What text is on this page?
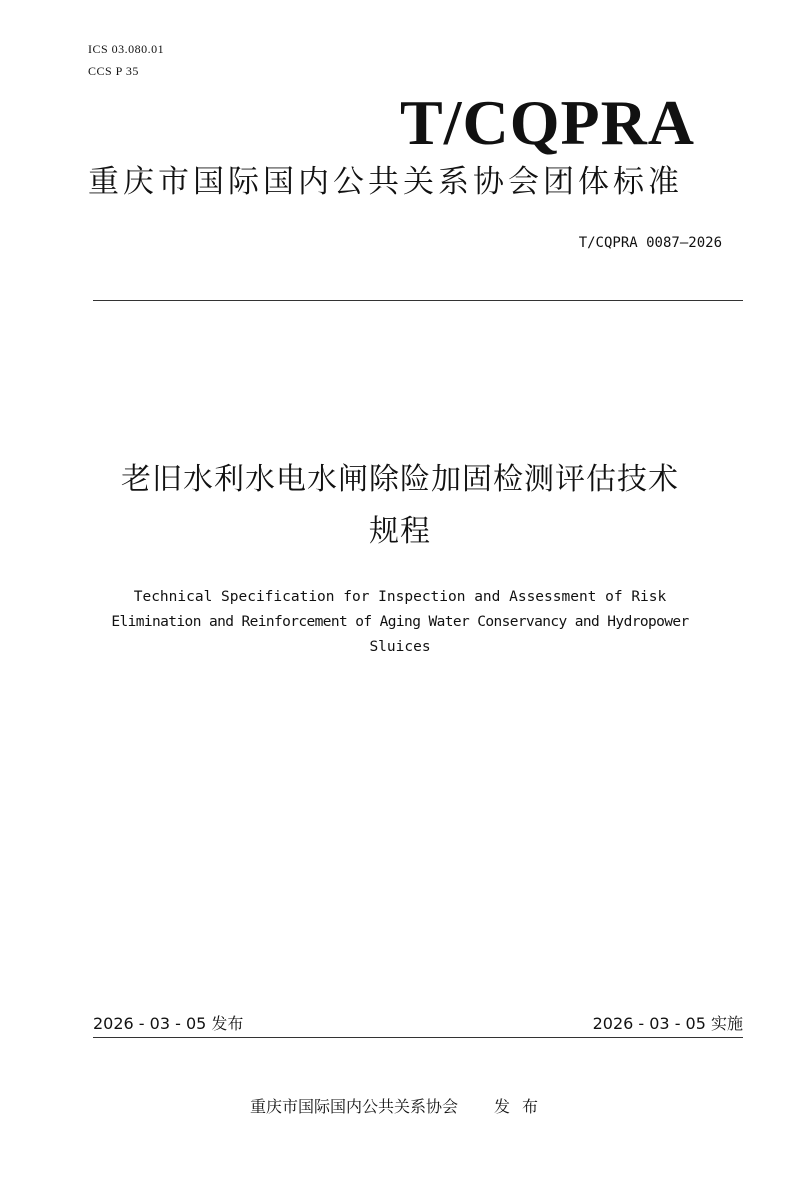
ICS 03.080.01
CCS P 35
T/CQPRA
重庆市国际国内公共关系协会团体标准
T/CQPRA 0087—2026
老旧水利水电水闸除险加固检测评估技术
规程
Technical Specification for Inspection and Assessment of Risk
Elimination and Reinforcement of Aging Water Conservancy and Hydropower
Sluices
2026 - 03 - 05 发布	2026 - 03 - 05 实施
重庆市国际国内公共关系协会 发布
